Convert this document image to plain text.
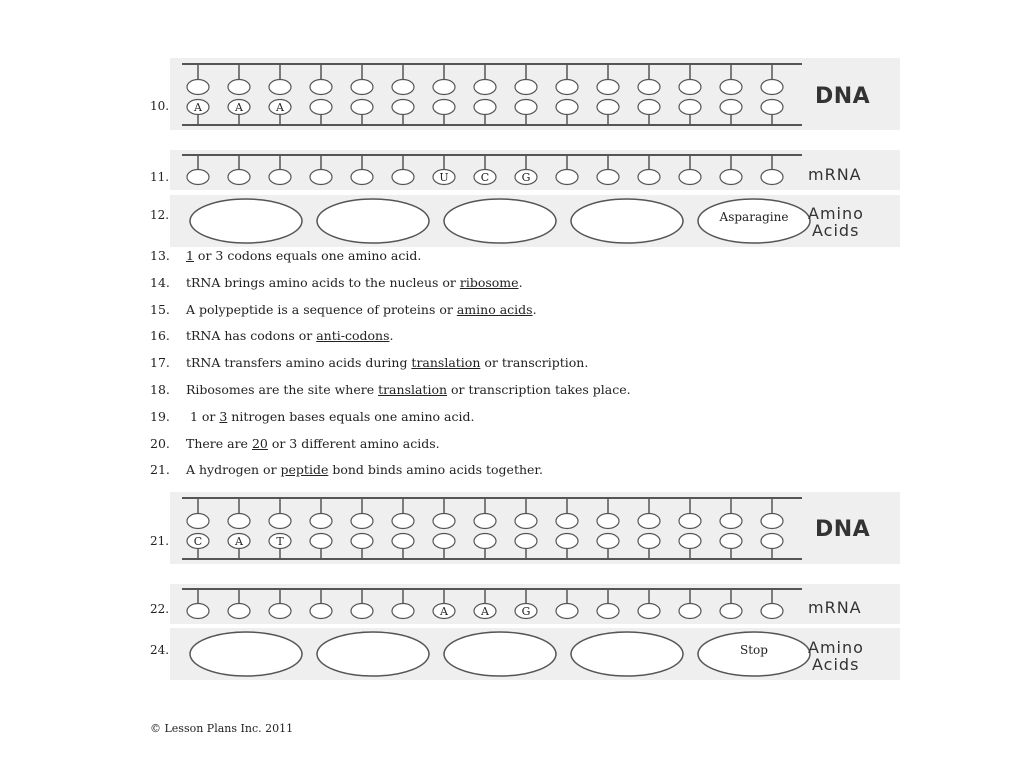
A	A	A
10.	DNA
U	C	G
11.	mRNA
Asparagine
12.	Amino
Acids
13. 1 or 3 codons equals one amino acid.
14. tRNA brings amino acids to the nucleus or ribosome.
15. A polypeptide is a sequence of proteins or amino acids.
16. tRNA has codons or anti-codons.
17. tRNA transfers amino acids during translation or transcription.
18. Ribosomes are the site where translation or transcription takes place.
19. 1 or 3 nitrogen bases equals one amino acid.
20. There are 20 or 3 different amino acids.
21. A hydrogen or peptide bond binds amino acids together.
C	A	T
21.	DNA
A	A	G
22.	mRNA
Stop
24.	Amino
Acids
© Lesson Plans Inc. 2011
